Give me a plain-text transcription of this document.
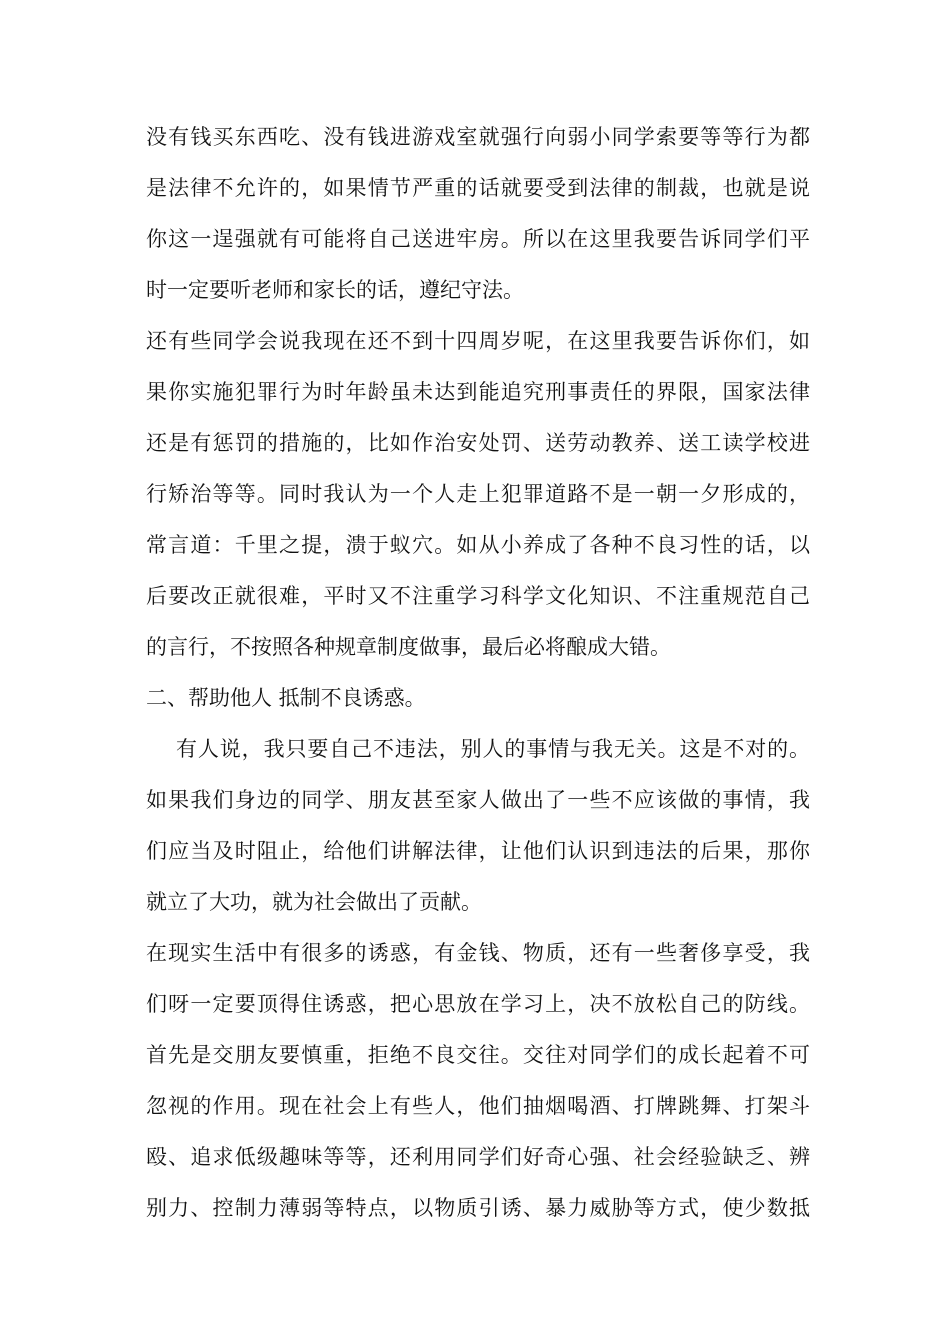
没有钱买东西吃、没有钱进游戏室就强行向弱小同学索要等等行为都
是法律不允许的，如果情节严重的话就要受到法律的制裁，也就是说
你这一逞强就有可能将自己送进牢房。所以在这里我要告诉同学们平
时一定要听老师和家长的话，遵纪守法。
还有些同学会说我现在还不到十四周岁呢，在这里我要告诉你们，如
果你实施犯罪行为时年龄虽未达到能追究刑事责任的界限，国家法律
还是有惩罚的措施的，比如作治安处罚、送劳动教养、送工读学校进
行矫治等等。同时我认为一个人走上犯罪道路不是一朝一夕形成的，
常言道：千里之提，溃于蚁穴。如从小养成了各种不良习性的话，以
后要改正就很难，平时又不注重学习科学文化知识、不注重规范自己
的言行，不按照各种规章制度做事，最后必将酿成大错。
二、帮助他人 抵制不良诱惑。
有人说，我只要自己不违法，别人的事情与我无关。这是不对的。
如果我们身边的同学、朋友甚至家人做出了一些不应该做的事情，我
们应当及时阻止，给他们讲解法律，让他们认识到违法的后果，那你
就立了大功，就为社会做出了贡献。
在现实生活中有很多的诱惑，有金钱、物质，还有一些奢侈享受，我
们呀一定要顶得住诱惑，把心思放在学习上，决不放松自己的防线。
首先是交朋友要慎重，拒绝不良交往。交往对同学们的成长起着不可
忽视的作用。现在社会上有些人，他们抽烟喝酒、打牌跳舞、打架斗
殴、追求低级趣味等等，还利用同学们好奇心强、社会经验缺乏、辨
别力、控制力薄弱等特点，以物质引诱、暴力威胁等方式，使少数抵
